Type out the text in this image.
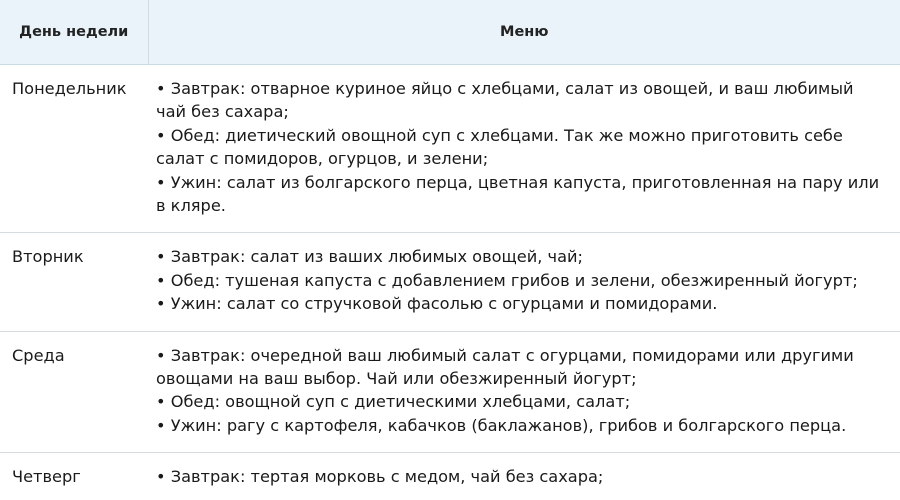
День недели	Меню
Понедельник	• Завтрак: отварное куриное яйцо с хлебцами, салат из овощей, и ваш любимый чай без сахара;
• Обед: диетический овощной суп с хлебцами. Так же можно приготовить себе салат с помидоров, огурцов, и зелени;
• Ужин: салат из болгарского перца, цветная капуста, приготовленная на пару или в кляре.

Вторник	• Завтрак: салат из ваших любимых овощей, чай;
• Обед: тушеная капуста с добавлением грибов и зелени, обезжиренный йогурт;
• Ужин: салат со стручковой фасолью с огурцами и помидорами.

Среда	• Завтрак: очередной ваш любимый салат с огурцами, помидорами или другими овощами на ваш выбор. Чай или обезжиренный йогурт;
• Обед: овощной суп с диетическими хлебцами, салат;
• Ужин: рагу с картофеля, кабачков (баклажанов), грибов и болгарского перца.

Четверг	• Завтрак: тертая морковь с медом, чай без сахара;
